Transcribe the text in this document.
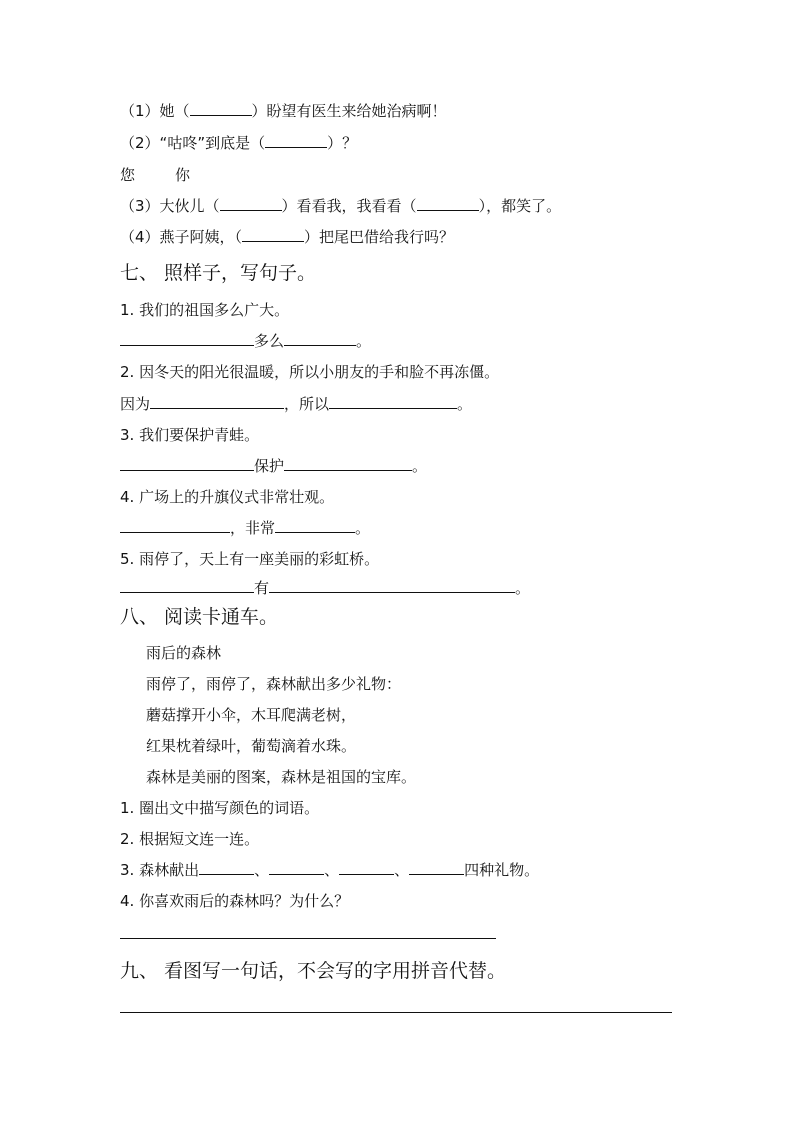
（1）她（	）盼望有医生来给她治病啊！
（2）“咕咚”到底是（	）？
您	你
（3）大伙儿（	）看看我，我看看（	），都笑了。
（4）燕子阿姨，（	）把尾巴借给我行吗？
七、 照样子，写句子。
1. 我们的祖国多么广大。
多么	。
2. 因冬天的阳光很温暖，所以小朋友的手和脸不再冻僵。
因为	，所以	。
3. 我们要保护青蛙。
保护	。
4. 广场上的升旗仪式非常壮观。
，非常	。
5. 雨停了，天上有一座美丽的彩虹桥。
有	。
八、 阅读卡通车。
雨后的森林
雨停了，雨停了，森林献出多少礼物：
蘑菇撑开小伞，木耳爬满老树，
红果枕着绿叶，葡萄滴着水珠。
森林是美丽的图案，森林是祖国的宝库。
1. 圈出文中描写颜色的词语。
2. 根据短文连一连。
3. 森林献出	、	、	、	四种礼物。
4. 你喜欢雨后的森林吗？为什么？
九、 看图写一句话，不会写的字用拼音代替。
